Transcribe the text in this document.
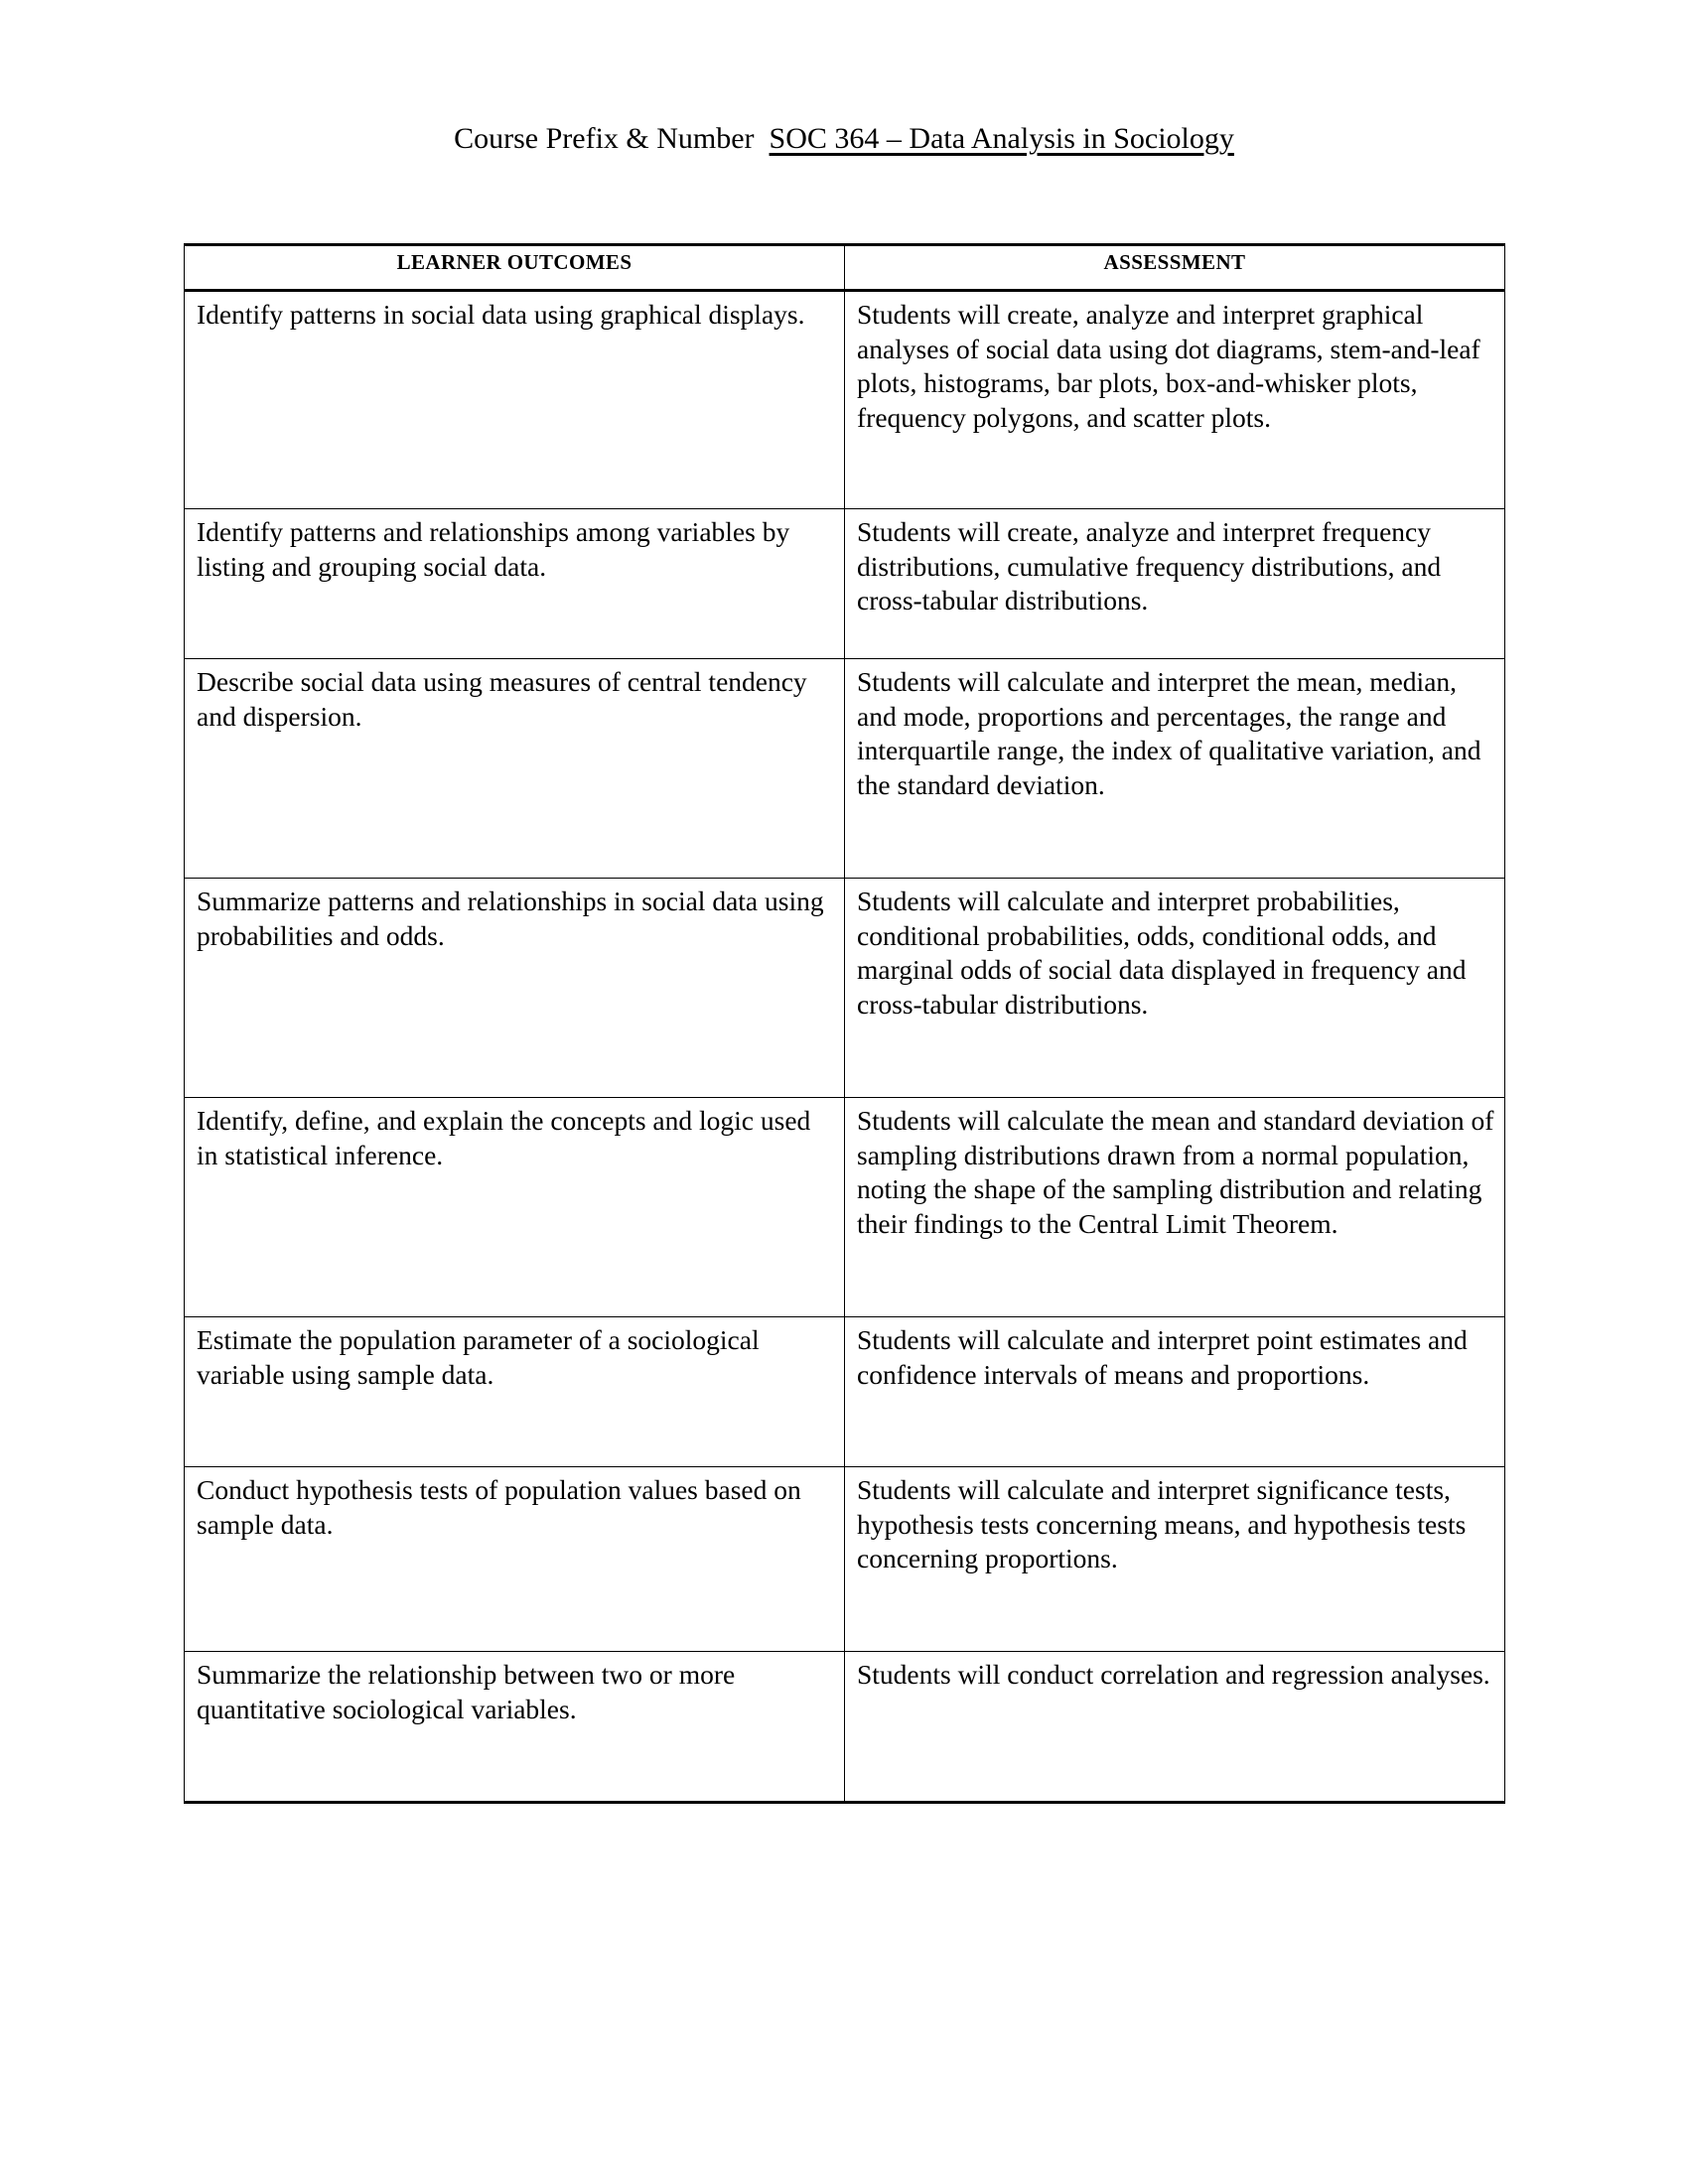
Course Prefix & Number SOC 364 – Data Analysis in Sociology
LEARNER OUTCOMES	ASSESSMENT

Identify patterns in social data using graphical displays.	Students will create, analyze and interpret graphical analyses of social data using dot diagrams, stem-and-leaf plots, histograms, bar plots, box-and-whisker plots, frequency polygons, and scatter plots.

Identify patterns and relationships among variables by listing and grouping social data.	Students will create, analyze and interpret frequency distributions, cumulative frequency distributions, and cross-tabular distributions.

Describe social data using measures of central tendency and dispersion.	Students will calculate and interpret the mean, median, and mode, proportions and percentages, the range and interquartile range, the index of qualitative variation, and the standard deviation.

Summarize patterns and relationships in social data using probabilities and odds.	Students will calculate and interpret probabilities, conditional probabilities, odds, conditional odds, and marginal odds of social data displayed in frequency and cross-tabular distributions.

Identify, define, and explain the concepts and logic used in statistical inference.	Students will calculate the mean and standard deviation of sampling distributions drawn from a normal population, noting the shape of the sampling distribution and relating their findings to the Central Limit Theorem.

Estimate the population parameter of a sociological variable using sample data.	Students will calculate and interpret point estimates and confidence intervals of means and proportions.

Conduct hypothesis tests of population values based on sample data.	Students will calculate and interpret significance tests, hypothesis tests concerning means, and hypothesis tests concerning proportions.

Summarize the relationship between two or more quantitative sociological variables.	Students will conduct correlation and regression analyses.
